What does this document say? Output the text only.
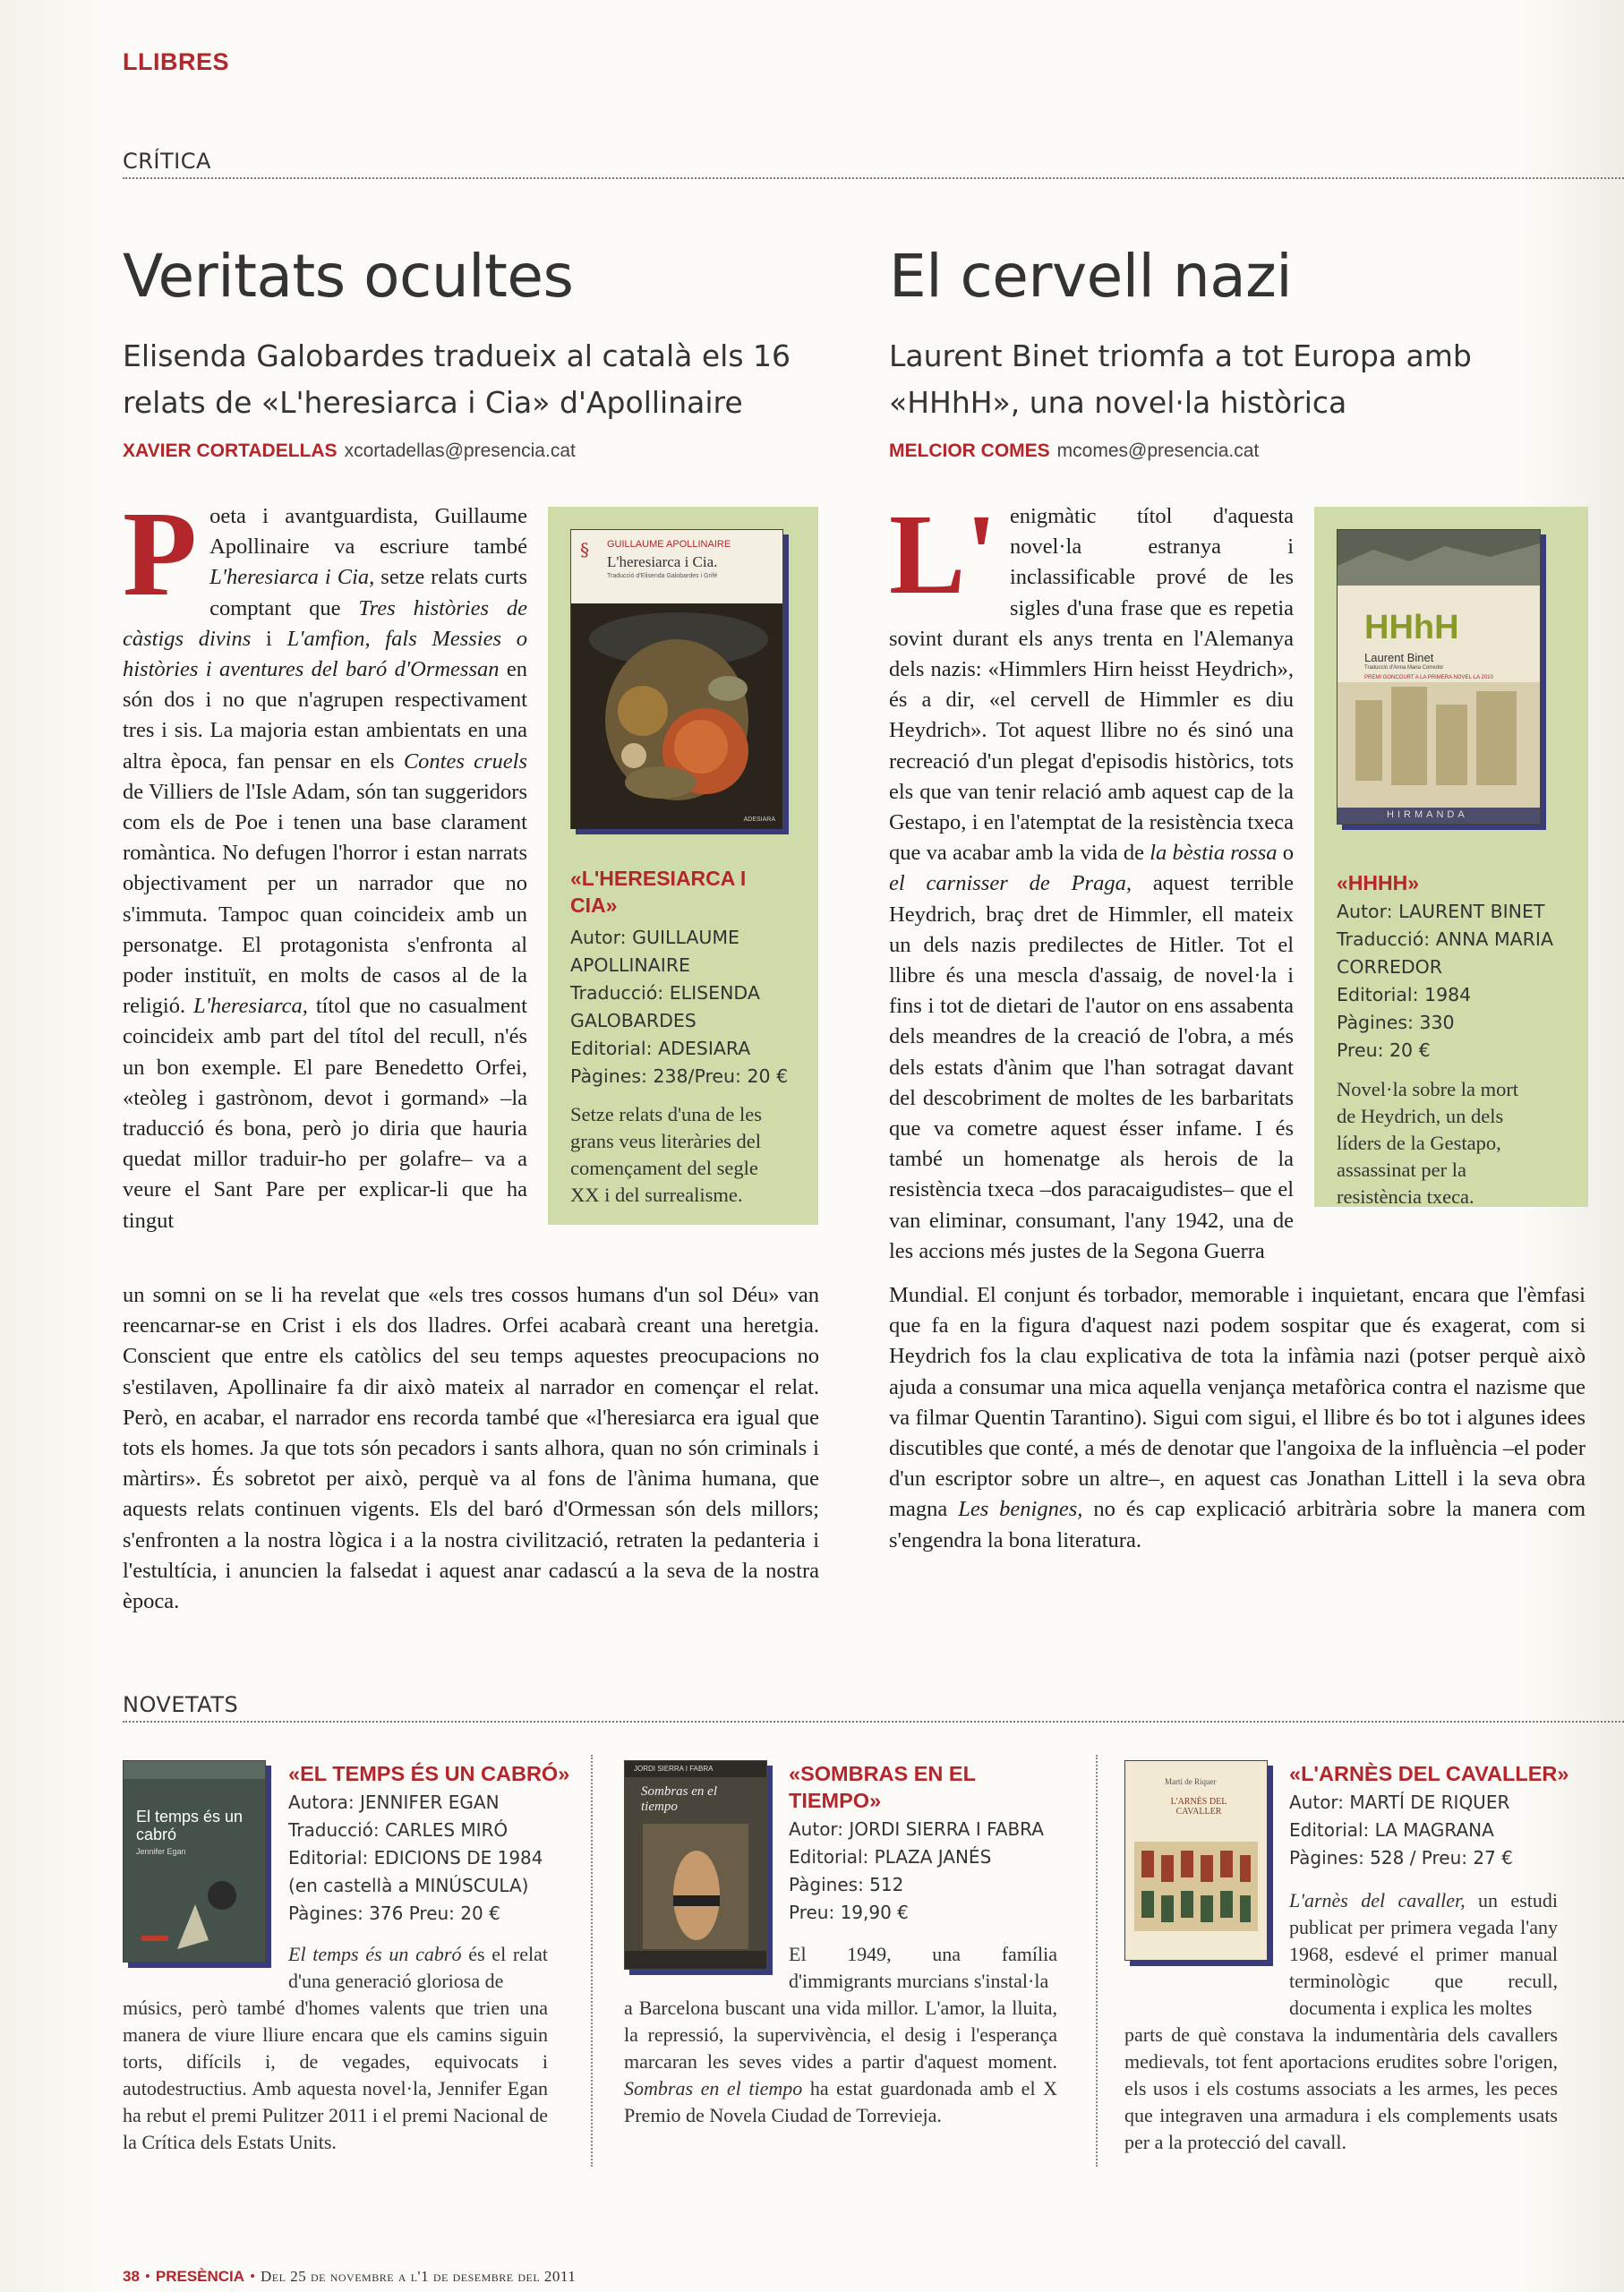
LLIBRES
CRÍTICA
Veritats ocultes
Elisenda Galobardes tradueix al català els 16
relats de «L'heresiarca i Cia» d'Apollinaire
XAVIER CORTADELLAS xcortadellas@presencia.cat
Poeta i avantguardista, Guillaume Apollinaire va escriure també L'heresiarca i Cia, setze relats curts comptant que Tres històries de càstigs divins i L'amfion, fals Messies o històries i aventures del baró d'Ormessan en són dos i no que n'agrupen respectivament tres i sis. La majoria estan ambientats en una altra època, fan pensar en els Contes cruels de Villiers de l'Isle Adam, són tan suggeridors com els de Poe i tenen una base clarament romàntica. No defugen l'horror i estan narrats objectivament per un narrador que no s'immuta. Tampoc quan coincideix amb un personatge. El protagonista s'enfronta al poder instituït, en molts de casos al de la religió. L'heresiarca, títol que no casualment coincideix amb part del títol del recull, n'és un bon exemple. El pare Benedetto Orfei, «teòleg i gastrònom, devot i gormand» –la traducció és bona, però jo diria que hauria quedat millor traduir-ho per golafre– va a veure el Sant Pare per explicar-li que ha tingut
un somni on se li ha revelat que «els tres cossos humans d'un sol Déu» van reencarnar-se en Crist i els dos lladres. Orfei acabarà creant una heretgia. Conscient que entre els catòlics del seu temps aquestes preocupacions no s'estilaven, Apollinaire fa dir això mateix al narrador en començar el relat. Però, en acabar, el narrador ens recorda també que «l'heresiarca era igual que tots els homes. Ja que tots són pecadors i sants alhora, quan no són criminals i màrtirs». És sobretot per això, perquè va al fons de l'ànima humana, que aquests relats continuen vigents. Els del baró d'Ormessan són dels millors; s'enfronten a la nostra lògica i a la nostra civilització, retraten la pedanteria i l'estultícia, i anuncien la falsedat i aquest anar cadascú a la seva de la nostra època.
GUILLAUME APOLLINAIRE
L'heresiarca i Cia.
Traducció d'Elisenda Galobardes i Grifé
§
ADESIARA
«L'HERESIARCA I
CIA»
Autor: GUILLAUME
APOLLINAIRE
Traducció: ELISENDA
GALOBARDES
Editorial: ADESIARA
Pàgines: 238/Preu: 20 €
Setze relats d'una de les
grans veus literàries del
començament del segle
XX i del surrealisme.
El cervell nazi
Laurent Binet triomfa a tot Europa amb
«HHhH», una novel·la històrica
MELCIOR COMES mcomes@presencia.cat
L' enigmàtic títol d'aquesta novel·la estranya i inclassificable prové de les sigles d'una frase que es repetia sovint durant els anys trenta en l'Alemanya dels nazis: «Himmlers Hirn heisst Heydrich», és a dir, «el cervell de Himmler es diu Heydrich». Tot aquest llibre no és sinó una recreació d'un plegat d'episodis històrics, tots els que van tenir relació amb aquest cap de la Gestapo, i en l'atemptat de la resistència txeca que va acabar amb la vida de la bèstia rossa o el carnisser de Praga, aquest terrible Heydrich, braç dret de Himmler, ell mateix un dels nazis predilectes de Hitler. Tot el llibre és una mescla d'assaig, de novel·la i fins i tot de dietari de l'autor on ens assabenta dels meandres de la creació de l'obra, a més dels estats d'ànim que l'han sotragat davant del descobriment de moltes de les barbaritats que va cometre aquest ésser infame. I és també un homenatge als herois de la resistència txeca –dos paracaigudistes– que el van eliminar, consumant, l'any 1942, una de les accions més justes de la Segona Guerra
Mundial. El conjunt és torbador, memorable i inquietant, encara que l'èmfasi que fa en la figura d'aquest nazi podem sospitar que és exagerat, com si Heydrich fos la clau explicativa de tota la infàmia nazi (potser perquè això ajuda a consumar una mica aquella venjança metafòrica contra el nazisme que va filmar Quentin Tarantino). Sigui com sigui, el llibre és bo tot i algunes idees discutibles que conté, a més de denotar que l'angoixa de la influència –el poder d'un escriptor sobre un altre–, en aquest cas Jonathan Littell i la seva obra magna Les benignes, no és cap explicació arbitrària sobre la manera com s'engendra la bona literatura.
HHhH
Laurent Binet
Traducció d'Anna Maria Corredor
PREMI GONCOURT A LA PRIMERA NOVEL·LA 2010
HIRMANDA
«HHHH»
Autor: LAURENT BINET
Traducció: ANNA MARIA
CORREDOR
Editorial: 1984
Pàgines: 330
Preu: 20 €
Novel·la sobre la mort
de Heydrich, un dels
líders de la Gestapo,
assassinat per la
resistència txeca.
NOVETATS
El temps és un cabró
Jennifer Egan
«EL TEMPS ÉS UN CABRÓ»
Autora: JENNIFER EGAN
Traducció: CARLES MIRÓ
Editorial: EDICIONS DE 1984
(en castellà a MINÚSCULA)
Pàgines: 376 Preu: 20 €
El temps és un cabró és el relat d'una generació gloriosa de
músics, però també d'homes valents que trien una manera de viure lliure encara que els camins siguin torts, difícils i, de vegades, equivocats i autodestructius. Amb aquesta novel·la, Jennifer Egan ha rebut el premi Pulitzer 2011 i el premi Nacional de la Crítica dels Estats Units.
JORDI SIERRA I FABRA
Sombras en el tiempo
«SOMBRAS EN EL
TIEMPO»
Autor: JORDI SIERRA I FABRA
Editorial: PLAZA JANÉS
Pàgines: 512
Preu: 19,90 €
El 1949, una família d'immigrants murcians s'instal·la
a Barcelona buscant una vida millor. L'amor, la lluita, la repressió, la supervivència, el desig i l'esperança marcaran les seves vides a partir d'aquest moment. Sombras en el tiempo ha estat guardonada amb el X Premio de Novela Ciudad de Torrevieja.
Martí de Riquer
L'ARNÈS DEL CAVALLER
«L'ARNÈS DEL CAVALLER»
Autor: MARTÍ DE RIQUER
Editorial: LA MAGRANA
Pàgines: 528 / Preu: 27 €
L'arnès del cavaller, un estudi publicat per primera vegada l'any 1968, esdevé el primer manual terminològic que recull, documenta i explica les moltes
parts de què constava la indumentària dels cavallers medievals, tot fent aportacions erudites sobre l'origen, els usos i els costums associats a les armes, les peces que integraven una armadura i els complements usats per a la protecció del cavall.
38 • PRESÈNCIA • Del 25 de novembre a l'1 de desembre del 2011
